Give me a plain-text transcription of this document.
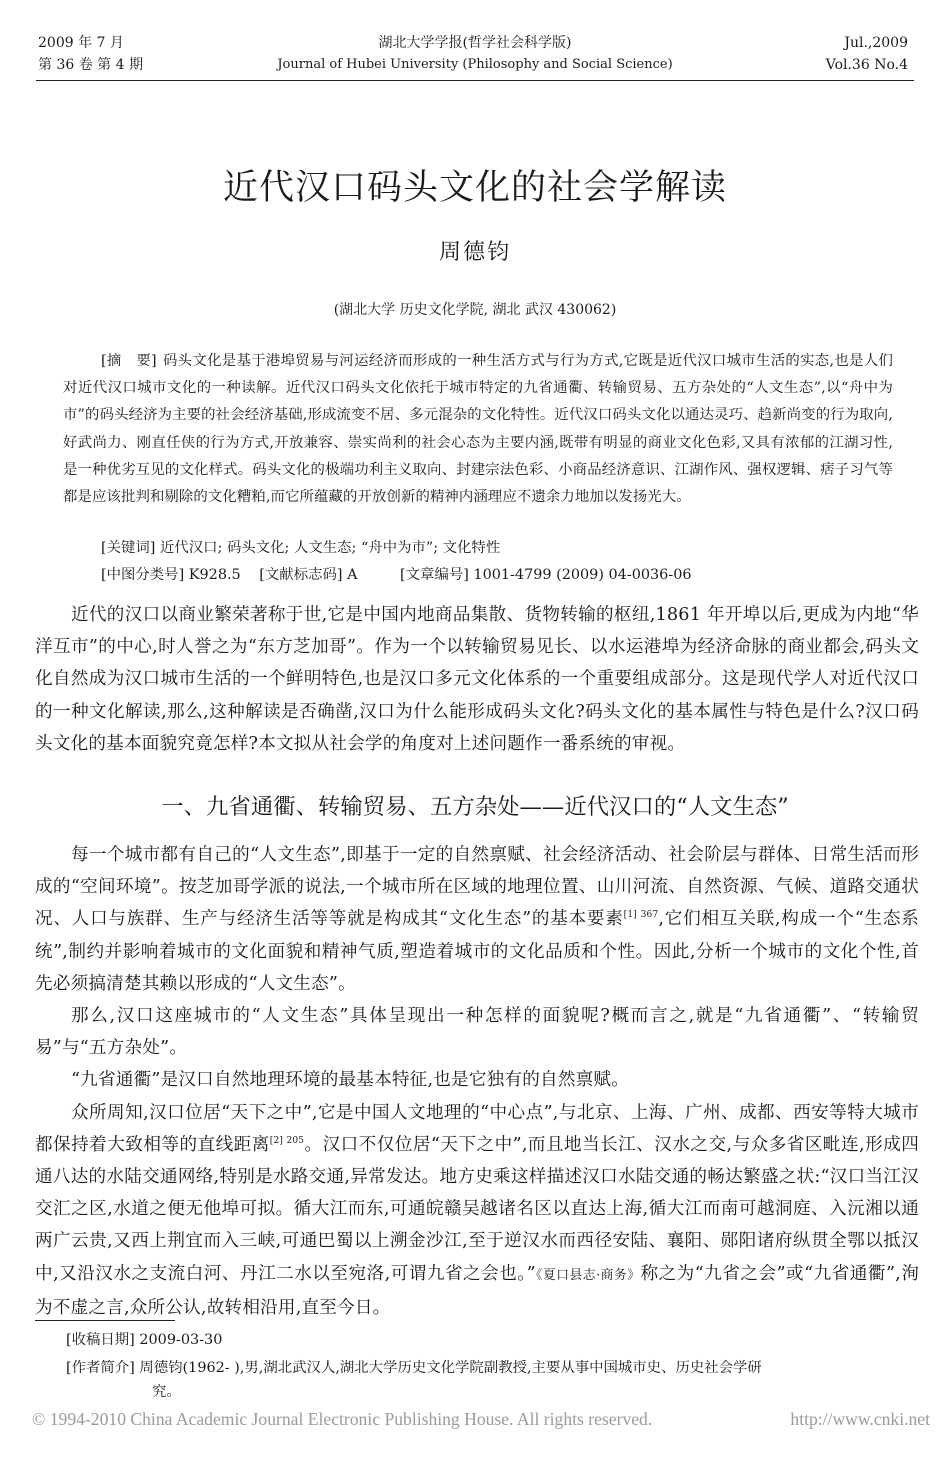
2009 年 7 月
第 36 卷 第 4 期
湖北大学学报(哲学社会科学版)
Journal of Hubei University (Philosophy and Social Science)
Jul.,2009
Vol.36 No.4
近代汉口码头文化的社会学解读
周德钧
(湖北大学 历史文化学院, 湖北 武汉 430062)

[摘　要] 码头文化是基于港埠贸易与河运经济而形成的一种生活方式与行为方式,它既是近代汉口城市生活的实态,也是人们对近代汉口城市文化的一种读解。近代汉口码头文化依托于城市特定的九省通衢、转输贸易、五方杂处的“人文生态”,以“舟中为市”的码头经济为主要的社会经济基础,形成流变不居、多元混杂的文化特性。近代汉口码头文化以通达灵巧、趋新尚变的行为取向,好武尚力、刚直任侠的行为方式,开放兼容、崇实尚利的社会心态为主要内涵,既带有明显的商业文化色彩,又具有浓郁的江湖习性,是一种优劣互见的文化样式。码头文化的极端功利主义取向、封建宗法色彩、小商品经济意识、江湖作风、强权逻辑、痞子习气等都是应该批判和剔除的文化糟粕,而它所蕴藏的开放创新的精神内涵理应不遗余力地加以发扬光大。

[关键词] 近代汉口; 码头文化; 人文生态; “舟中为市”; 文化特性
[中图分类号] K928.5 [文献标志码] A	[文章编号] 1001-4799 (2009) 04-0036-06

近代的汉口以商业繁荣著称于世,它是中国内地商品集散、货物转输的枢纽,1861 年开埠以后,更成为内地“华洋互市”的中心,时人誉之为“东方芝加哥”。作为一个以转输贸易见长、以水运港埠为经济命脉的商业都会,码头文化自然成为汉口城市生活的一个鲜明特色,也是汉口多元文化体系的一个重要组成部分。这是现代学人对近代汉口的一种文化解读,那么,这种解读是否确凿,汉口为什么能形成码头文化?码头文化的基本属性与特色是什么?汉口码头文化的基本面貌究竟怎样?本文拟从社会学的角度对上述问题作一番系统的审视。

一、九省通衢、转输贸易、五方杂处——近代汉口的“人文生态”

每一个城市都有自己的“人文生态”,即基于一定的自然禀赋、社会经济活动、社会阶层与群体、日常生活而形成的“空间环境”。按芝加哥学派的说法,一个城市所在区域的地理位置、山川河流、自然资源、气候、道路交通状况、人口与族群、生产与经济生活等等就是构成其“文化生态”的基本要素$^{[1] 367}$,它们相互关联,构成一个“生态系统”,制约并影响着城市的文化面貌和精神气质,塑造着城市的文化品质和个性。因此,分析一个城市的文化个性,首先必须搞清楚其赖以形成的“人文生态”。

那么,汉口这座城市的“人文生态”具体呈现出一种怎样的面貌呢?概而言之,就是“九省通衢”、“转输贸易”与“五方杂处”。

“九省通衢”是汉口自然地理环境的最基本特征,也是它独有的自然禀赋。

众所周知,汉口位居“天下之中”,它是中国人文地理的“中心点”,与北京、上海、广州、成都、西安等特大城市都保持着大致相等的直线距离$^{[2] 205}$。汉口不仅位居“天下之中”,而且地当长江、汉水之交,与众多省区毗连,形成四通八达的水陆交通网络,特别是水路交通,异常发达。地方史乘这样描述汉口水陆交通的畅达繁盛之状:“汉口当江汉交汇之区,水道之便无他埠可拟。循大江而东,可通皖赣吴越诸名区以直达上海,循大江而南可越洞庭、入沅湘以通两广云贵,又西上荆宜而入三峡,可通巴蜀以上溯金沙江,至于逆汉水而西径安陆、襄阳、郧阳诸府纵贯全鄂以抵汉中,又沿汉水之支流白河、丹江二水以至宛洛,可谓九省之会也。”《夏口县志·商务》称之为“九省之会”或“九省通衢”,洵为不虚之言,众所公认,故转相沿用,直至今日。

[收稿日期] 2009-03-30
[作者简介] 周德钧(1962- ),男,湖北武汉人,湖北大学历史文化学院副教授,主要从事中国城市史、历史社会学研
究。
© 1994-2010 China Academic Journal Electronic Publishing House. All rights reserved.	http://www.cnki.net
